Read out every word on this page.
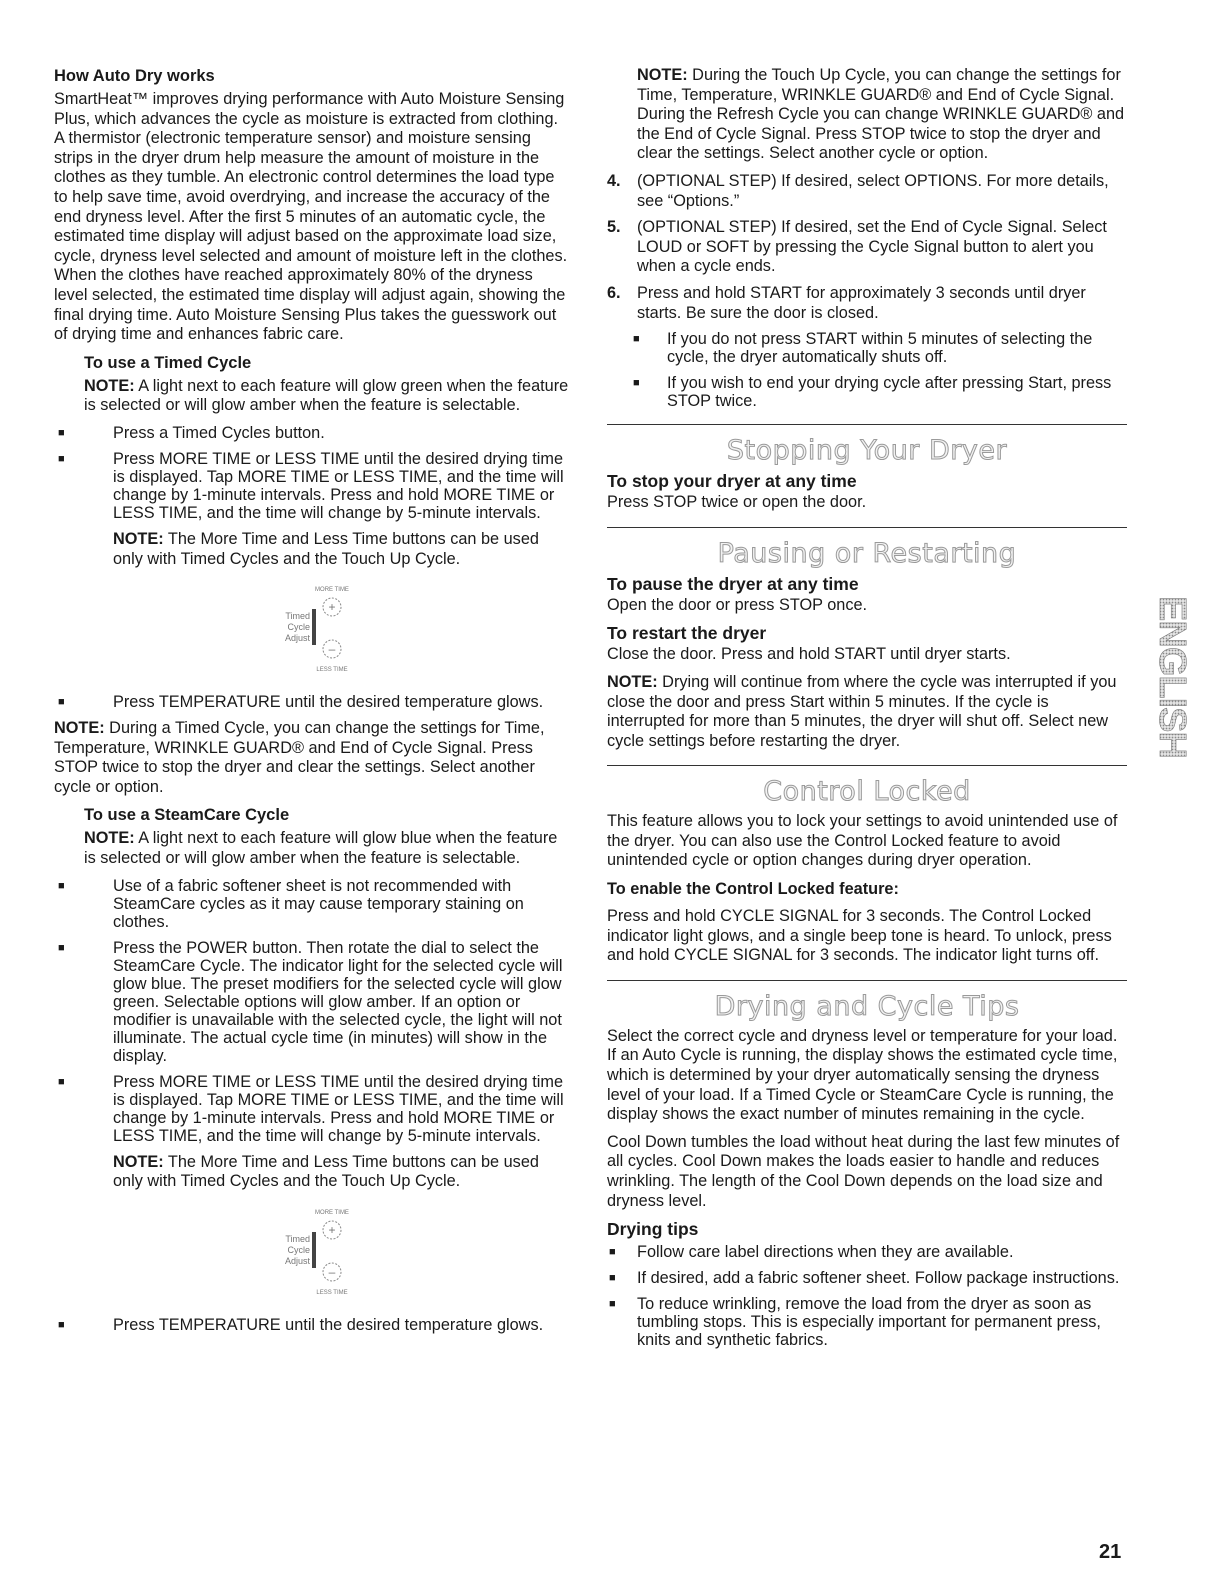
How Auto Dry works

SmartHeat™ improves drying performance with Auto Moisture Sensing Plus, which advances the cycle as moisture is extracted from clothing. A thermistor (electronic temperature sensor) and moisture sensing strips in the dryer drum help measure the amount of moisture in the clothes as they tumble. An electronic control determines the load type to help save time, avoid overdrying, and increase the accuracy of the end dryness level. After the first 5 minutes of an automatic cycle, the estimated time display will adjust based on the approximate load size, cycle, dryness level selected and amount of moisture left in the clothes. When the clothes have reached approximately 80% of the dryness level selected, the estimated time display will adjust again, showing the final drying time. Auto Moisture Sensing Plus takes the guesswork out of drying time and enhances fabric care.

To use a Timed Cycle

NOTE: A light next to each feature will glow green when the feature is selected or will glow amber when the feature is selectable.

■ Press a Timed Cycles button.
■ Press MORE TIME or LESS TIME until the desired drying time is displayed. Tap MORE TIME or LESS TIME, and the time will change by 1-minute intervals. Press and hold MORE TIME or LESS TIME, and the time will change by 5-minute intervals.

NOTE: The More Time and Less Time buttons can be used only with Timed Cycles and the Touch Up Cycle.

Timed
Cycle
Adjust
+
–
MORE TIME
LESS TIME
■ Press TEMPERATURE until the desired temperature glows.

NOTE: During a Timed Cycle, you can change the settings for Time, Temperature, WRINKLE GUARD® and End of Cycle Signal. Press STOP twice to stop the dryer and clear the settings. Select another cycle or option.

To use a SteamCare Cycle

NOTE: A light next to each feature will glow blue when the feature is selected or will glow amber when the feature is selectable.

■ Use of a fabric softener sheet is not recommended with SteamCare cycles as it may cause temporary staining on clothes.
■ Press the POWER button. Then rotate the dial to select the SteamCare Cycle. The indicator light for the selected cycle will glow blue. The preset modifiers for the selected cycle will glow green. Selectable options will glow amber. If an option or modifier is unavailable with the selected cycle, the light will not illuminate. The actual cycle time (in minutes) will show in the display.
■ Press MORE TIME or LESS TIME until the desired drying time is displayed. Tap MORE TIME or LESS TIME, and the time will change by 1-minute intervals. Press and hold MORE TIME or LESS TIME, and the time will change by 5-minute intervals.

NOTE: The More Time and Less Time buttons can be used only with Timed Cycles and the Touch Up Cycle.

Timed
Cycle
Adjust
+
–
MORE TIME
LESS TIME
■ Press TEMPERATURE until the desired temperature glows.

NOTE: During the Touch Up Cycle, you can change the settings for Time, Temperature, WRINKLE GUARD® and End of Cycle Signal. During the Refresh Cycle you can change WRINKLE GUARD® and the End of Cycle Signal. Press STOP twice to stop the dryer and clear the settings. Select another cycle or option.

4. (OPTIONAL STEP) If desired, select OPTIONS. For more details, see “Options.”
5. (OPTIONAL STEP) If desired, set the End of Cycle Signal. Select LOUD or SOFT by pressing the Cycle Signal button to alert you when a cycle ends.
6. Press and hold START for approximately 3 seconds until dryer starts. Be sure the door is closed.
■ If you do not press START within 5 minutes of selecting the cycle, the dryer automatically shuts off.
■ If you wish to end your drying cycle after pressing Start, press STOP twice.
Stopping Your Dryer
To stop your dryer at any time

Press STOP twice or open the door.

Pausing or Restarting
To pause the dryer at any time

Open the door or press STOP once.

To restart the dryer

Close the door. Press and hold START until dryer starts.

NOTE: Drying will continue from where the cycle was interrupted if you close the door and press Start within 5 minutes. If the cycle is interrupted for more than 5 minutes, the dryer will shut off. Select new cycle settings before restarting the dryer.

Control Locked

This feature allows you to lock your settings to avoid unintended use of the dryer. You can also use the Control Locked feature to avoid unintended cycle or option changes during dryer operation.

To enable the Control Locked feature:

Press and hold CYCLE SIGNAL for 3 seconds. The Control Locked indicator light glows, and a single beep tone is heard. To unlock, press and hold CYCLE SIGNAL for 3 seconds. The indicator light turns off.

Drying and Cycle Tips

Select the correct cycle and dryness level or temperature for your load. If an Auto Cycle is running, the display shows the estimated cycle time, which is determined by your dryer automatically sensing the dryness level of your load. If a Timed Cycle or SteamCare Cycle is running, the display shows the exact number of minutes remaining in the cycle.

Cool Down tumbles the load without heat during the last few minutes of all cycles. Cool Down makes the loads easier to handle and reduces wrinkling. The length of the Cool Down depends on the load size and dryness level.

Drying tips
■ Follow care label directions when they are available.
■ If desired, add a fabric softener sheet. Follow package instructions.
■ To reduce wrinkling, remove the load from the dryer as soon as tumbling stops. This is especially important for permanent press, knits and synthetic fabrics.
ENGLISH
21
